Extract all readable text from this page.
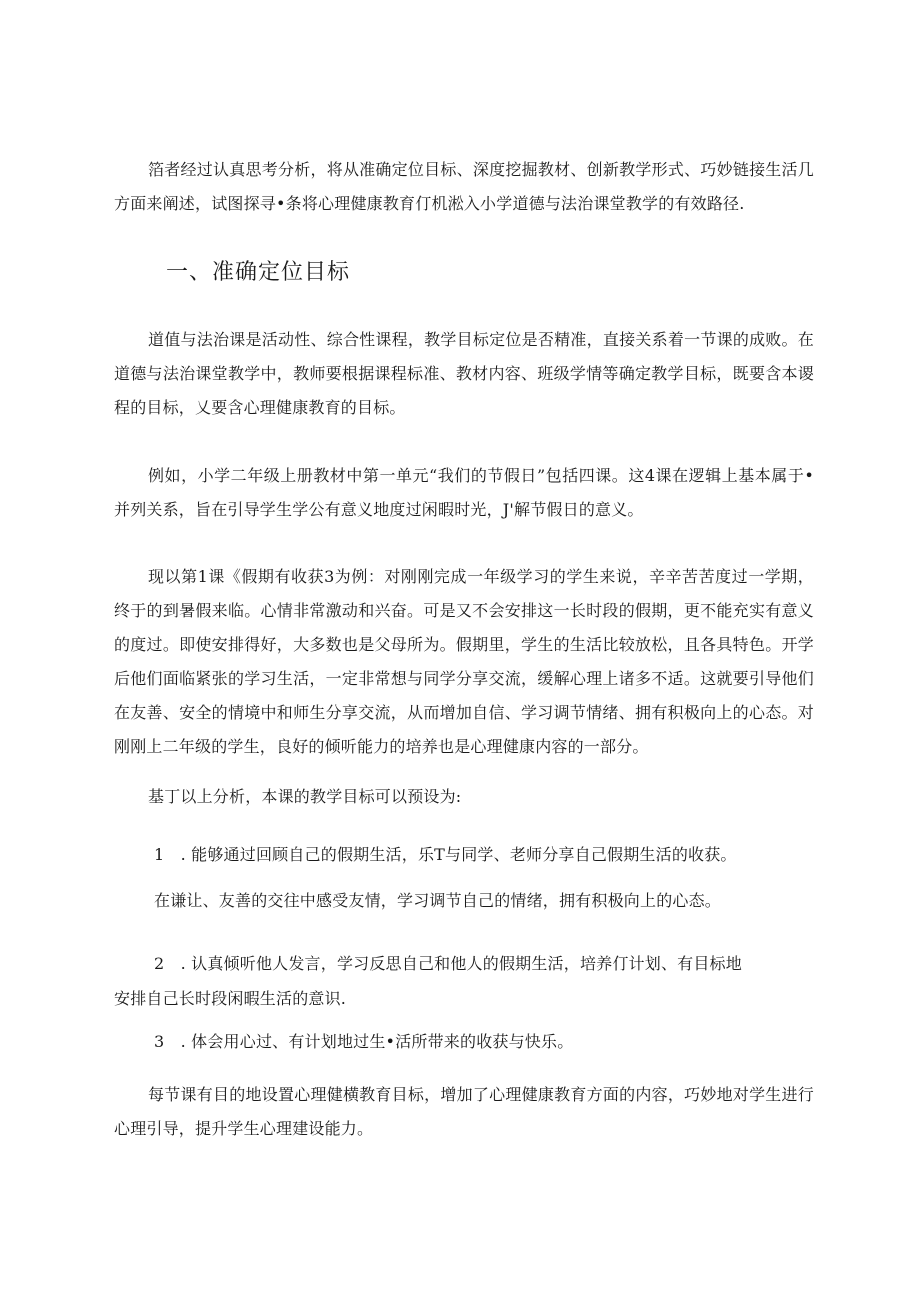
箔者经过认真思考分析，将从准确定位目标、深度挖掘教材、创新教学形式、巧妙链接生活几方面来阐述，试图探寻•条将心理健康教育仃机淞入小学道德与法治课堂教学的有效路径.

一、准确定位目标

道值与法治课是活动性、综合性课程，教学目标定位是否精准，直接关系着一节课的成败。在道德与法治课堂教学中，教师要根据课程标准、教材内容、班级学情等确定教学目标，既要含本谡程的目标，乂要含心理健康教育的目标。

例如，小学二年级上册教材中第一单元“我们的节假日”包括四课。这4课在逻辑上基本属于•并列关系，旨在引导学生学公有意义地度过闲暇时光，J'解节假日的意义。

现以第1课《假期有收获3为例：对刚刚完成一年级学习的学生来说，辛辛苦苦度过一学期，终于的到暑假来临。心情非常激动和兴奋。可是又不会安排这一长时段的假期，更不能充实有意义的度过。即使安排得好，大多数也是父母所为。假期里，学生的生活比较放松，且各具特色。开学后他们面临紧张的学习生活，一定非常想与同学分享交流，缓解心理上诸多不适。这就要引导他们在友善、安全的情境中和师生分享交流，从而增加自信、学习调节情绪、拥有积极向上的心态。对刚刚上二年级的学生，良好的倾听能力的培养也是心理健康内容的一部分。

基丁以上分析，本课的教学目标可以预设为:

1　. 能够通过回顾自己的假期生活，乐T与同学、老师分享自己假期生活的收获。

在谦让、友善的交往中感受友情，学习调节自己的情绪，拥有积极向上的心态。

2　. 认真倾听他人发言，学习反思自己和他人的假期生活，培养仃计划、有目标地

安排自己长时段闲暇生活的意识.

3　. 体会用心过、有计划地过生•活所带来的收获与快乐。

每节课有目的地设置心理健横教育目标，增加了心理健康教育方面的内容，巧妙地对学生进行心理引导，提升学生心理建设能力。
